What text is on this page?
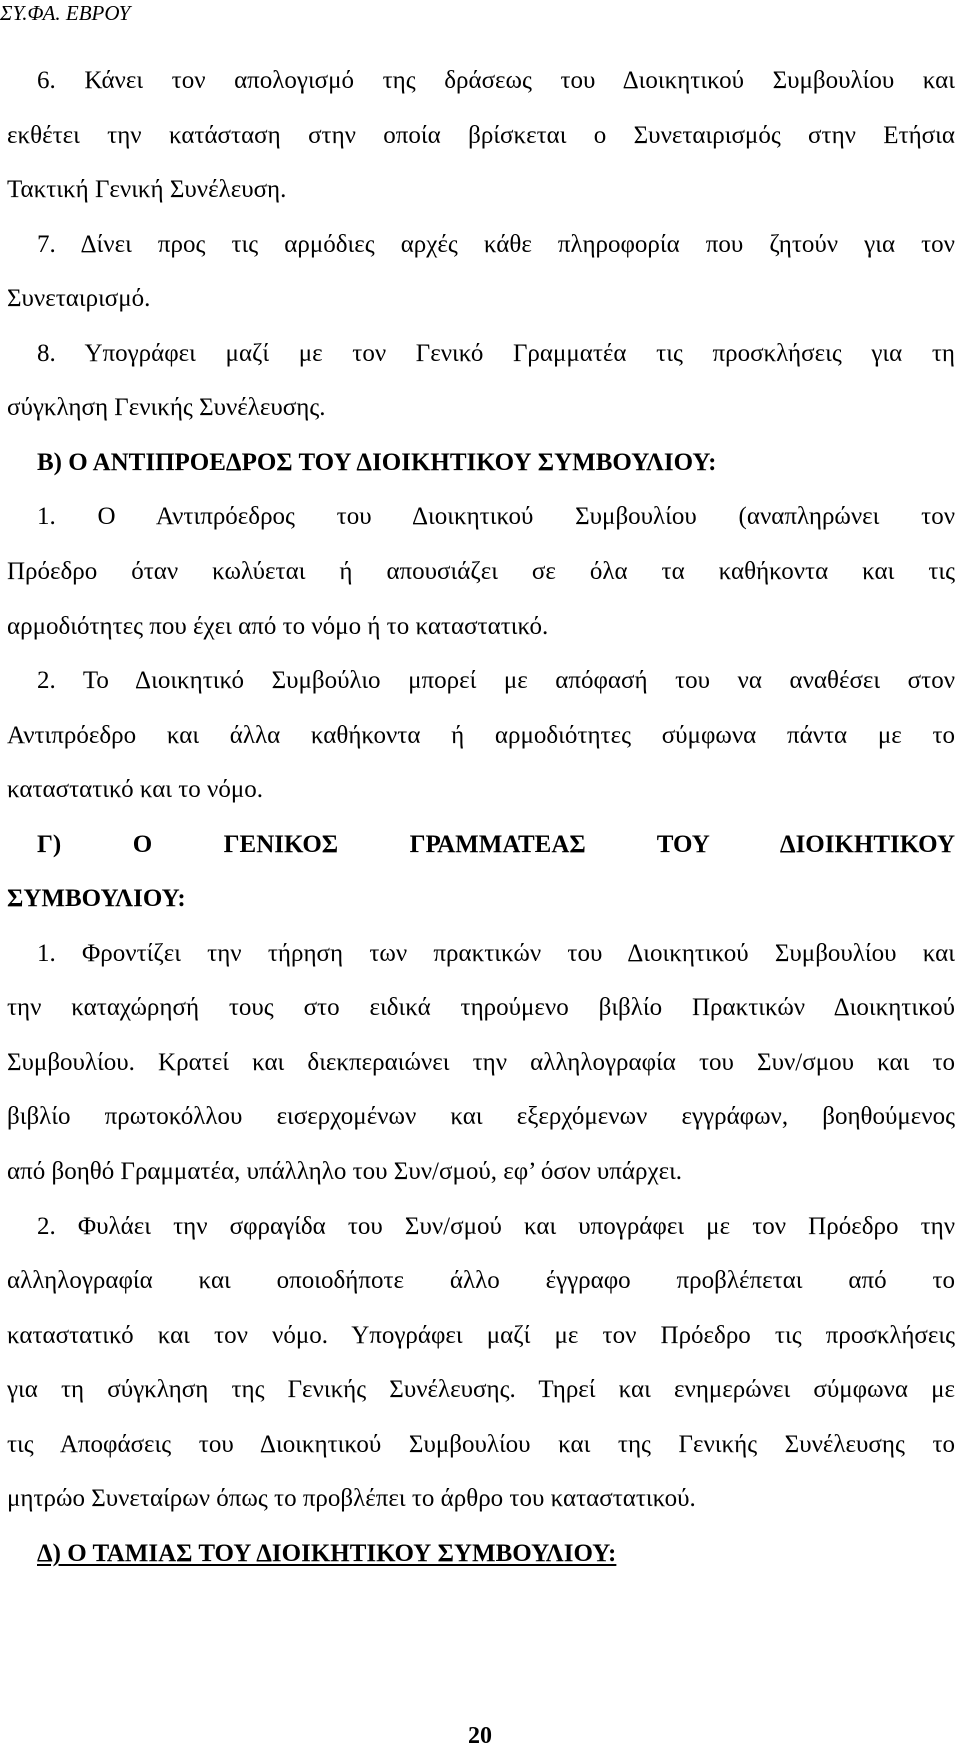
ΣΥ.ΦΑ. ΕΒΡΟΥ
6. Κάνει τον απολογισμό της δράσεως του Διοικητικού Συμβουλίου και
εκθέτει την κατάσταση στην οποία βρίσκεται ο Συνεταιρισμός στην Ετήσια
Τακτική Γενική Συνέλευση.
7. Δίνει προς τις αρμόδιες αρχές κάθε πληροφορία που ζητούν για τον
Συνεταιρισμό.
8. Υπογράφει μαζί με τον Γενικό Γραμματέα τις προσκλήσεις για τη
σύγκληση Γενικής Συνέλευσης.
Β) Ο ΑΝΤΙΠΡΟΕΔΡΟΣ ΤΟΥ ΔΙΟΙΚΗΤΙΚΟΥ ΣΥΜΒΟΥΛΙΟΥ:
1. Ο Αντιπρόεδρος του Διοικητικού Συμβουλίου (αναπληρώνει τον
Πρόεδρο όταν κωλύεται ή απουσιάζει σε όλα τα καθήκοντα και τις
αρμοδιότητες που έχει από το νόμο ή το καταστατικό.
2. Το Διοικητικό Συμβούλιο μπορεί με απόφασή του να αναθέσει στον
Αντιπρόεδρο και άλλα καθήκοντα ή αρμοδιότητες σύμφωνα πάντα με το
καταστατικό και το νόμο.
Γ) Ο ΓΕΝΙΚΟΣ ΓΡΑΜΜΑΤΕΑΣ ΤΟΥ ΔΙΟΙΚΗΤΙΚΟΥ
ΣΥΜΒΟΥΛΙΟΥ:
1. Φροντίζει την τήρηση των πρακτικών του Διοικητικού Συμβουλίου και
την καταχώρησή τους στο ειδικά τηρούμενο βιβλίο Πρακτικών Διοικητικού
Συμβουλίου. Κρατεί και διεκπεραιώνει την αλληλογραφία του Συν/σμου και το
βιβλίο πρωτοκόλλου εισερχομένων και εξερχόμενων εγγράφων, βοηθούμενος
από βοηθό Γραμματέα, υπάλληλο του Συν/σμού, εφ’ όσον υπάρχει.
2. Φυλάει την σφραγίδα του Συν/σμού και υπογράφει με τον Πρόεδρο την
αλληλογραφία και οποιοδήποτε άλλο έγγραφο προβλέπεται από το
καταστατικό και τον νόμο. Υπογράφει μαζί με τον Πρόεδρο τις προσκλήσεις
για τη σύγκληση της Γενικής Συνέλευσης. Τηρεί και ενημερώνει σύμφωνα με
τις Αποφάσεις του Διοικητικού Συμβουλίου και της Γενικής Συνέλευσης το
μητρώο Συνεταίρων όπως το προβλέπει το άρθρο του καταστατικού.
Δ) Ο ΤΑΜΙΑΣ ΤΟΥ ΔΙΟΙΚΗΤΙΚΟΥ ΣΥΜΒΟΥΛΙΟΥ:
20
